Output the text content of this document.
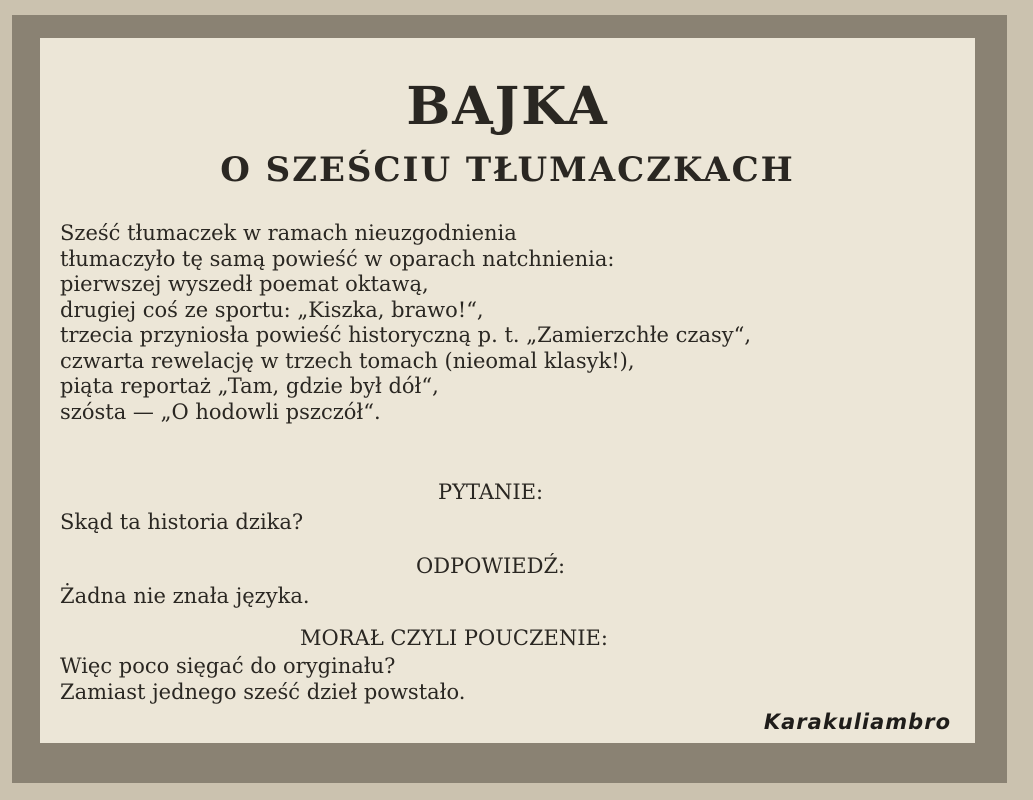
BAJKA
O SZEŚCIU TŁUMACZKACH
Sześć tłumaczek w ramach nieuzgodnienia
tłumaczyło tę samą powieść w oparach natchnienia:
pierwszej wyszedł poemat oktawą,
drugiej coś ze sportu: „Kiszka, brawo!“,
trzecia przyniosła powieść historyczną p. t. „Zamierzchłe czasy“,
czwarta rewelację w trzech tomach (nieomal klasyk!),
piąta reportaż „Tam, gdzie był dół“,
szósta — „O hodowli pszczół“.
PYTANIE:
Skąd ta historia dzika?
ODPOWIEDŹ:
Żadna nie znała języka.
MORAŁ CZYLI POUCZENIE:
Więc poco sięgać do oryginału?
Zamiast jednego sześć dzieł powstało.
Karakuliambro
